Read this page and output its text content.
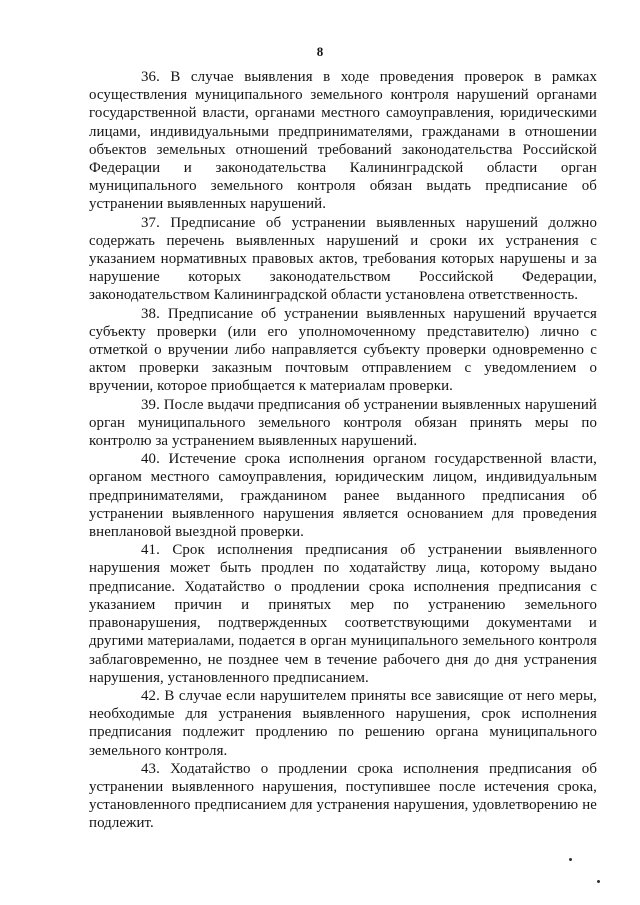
8

36. В случае выявления в ходе проведения проверок в рамках осуществления муниципального земельного контроля нарушений органами государственной власти, органами местного самоуправления, юридическими лицами, индивидуальными предпринимателями, гражданами в отношении объектов земельных отношений требований законодательства Российской Федерации и законодательства Калининградской области орган муниципального земельного контроля обязан выдать предписание об устранении выявленных нарушений.

37. Предписание об устранении выявленных нарушений должно содержать перечень выявленных нарушений и сроки их устранения с указанием нормативных правовых актов, требования которых нарушены и за нарушение которых законодательством Российской Федерации, законодательством Калининградской области установлена ответственность.

38. Предписание об устранении выявленных нарушений вручается субъекту проверки (или его уполномоченному представителю) лично с отметкой о вручении либо направляется субъекту проверки одновременно с актом проверки заказным почтовым отправлением с уведомлением о вручении, которое приобщается к материалам проверки.

39. После выдачи предписания об устранении выявленных нарушений орган муниципального земельного контроля обязан принять меры по контролю за устранением выявленных нарушений.

40. Истечение срока исполнения органом государственной власти, органом местного самоуправления, юридическим лицом, индивидуальным предпринимателями, гражданином ранее выданного предписания об устранении выявленного нарушения является основанием для проведения внеплановой выездной проверки.

41. Срок исполнения предписания об устранении выявленного нарушения может быть продлен по ходатайству лица, которому выдано предписание. Ходатайство о продлении срока исполнения предписания с указанием причин и принятых мер по устранению земельного правонарушения, подтвержденных соответствующими документами и другими материалами, подается в орган муниципального земельного контроля заблаговременно, не позднее чем в течение рабочего дня до дня устранения нарушения, установленного предписанием.

42. В случае если нарушителем приняты все зависящие от него меры, необходимые для устранения выявленного нарушения, срок исполнения предписания подлежит продлению по решению органа муниципального земельного контроля.

43. Ходатайство о продлении срока исполнения предписания об устранении выявленного нарушения, поступившее после истечения срока, установленного предписанием для устранения нарушения, удовлетворению не подлежит.
